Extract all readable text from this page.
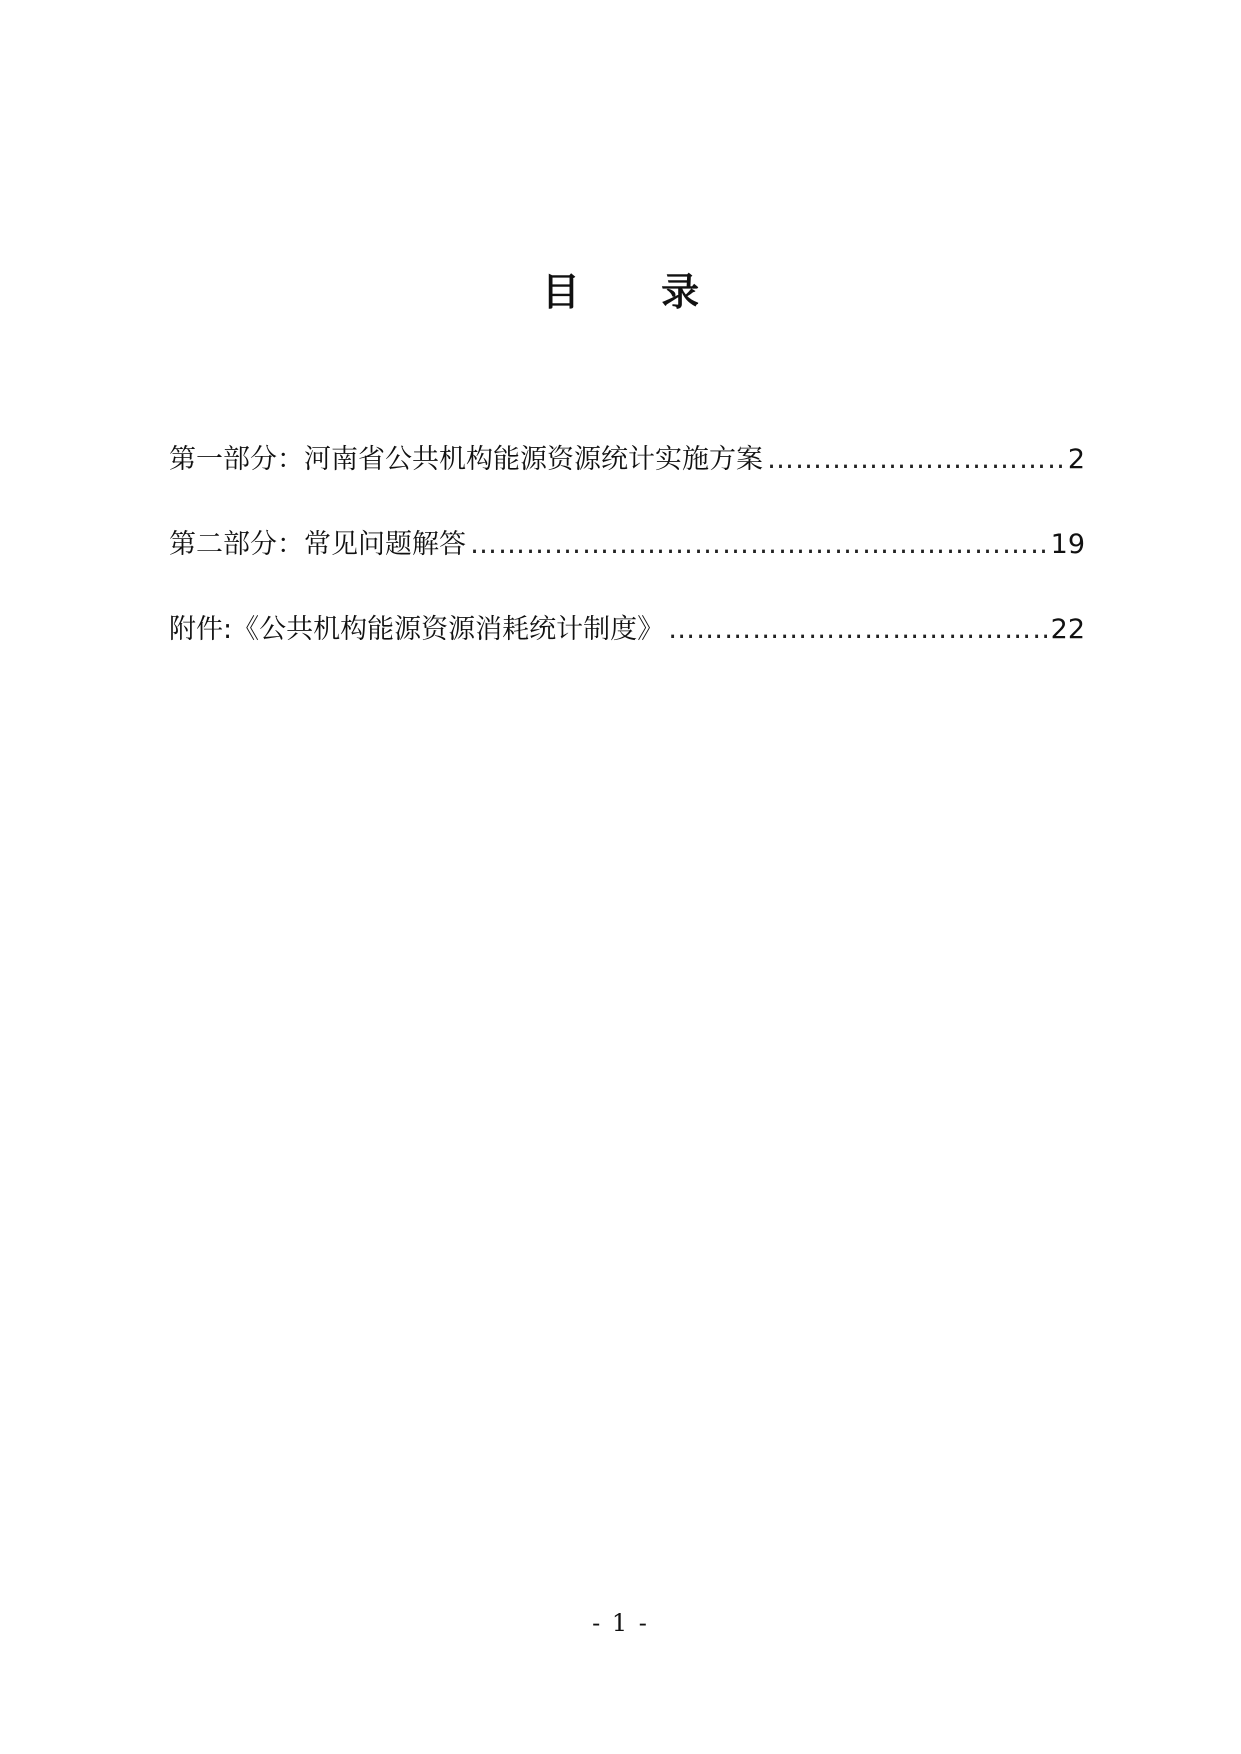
目 录
第一部分：河南省公共机构能源资源统计实施方案 …………………………………………………………………………………………………………………………………………………………………………	2
第二部分：常见问题解答 …………………………………………………………………………………………………………………………………………………………………………	19
附件:《公共机构能源资源消耗统计制度》 …………………………………………………………………………………………………………………………………………………………………………	22
- 1 -
